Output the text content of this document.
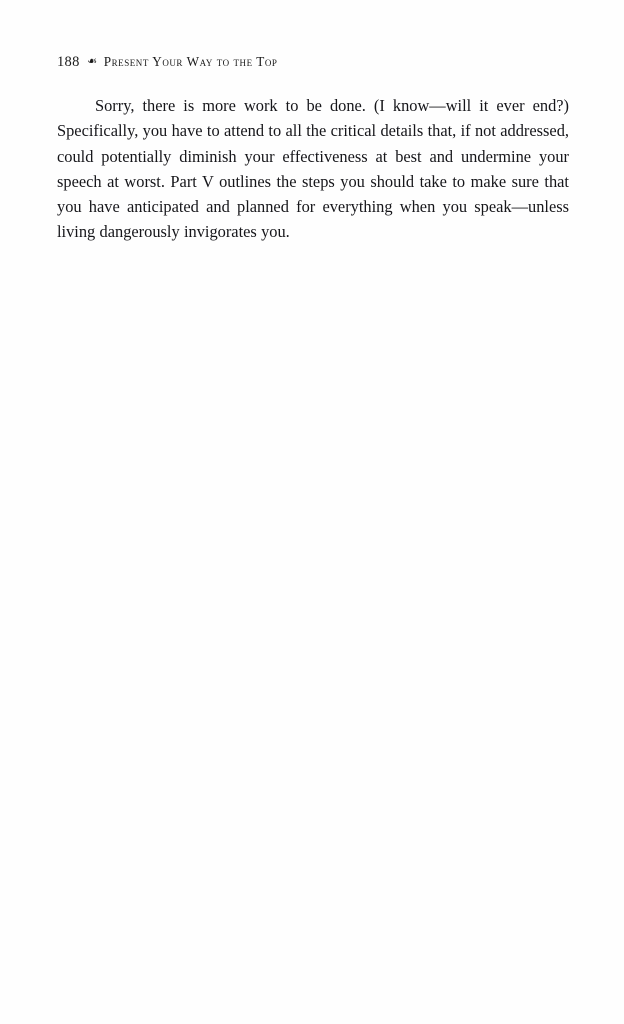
188 ❧ Present Your Way to the Top

Sorry, there is more work to be done. (I know—will it ever end?) Specifically, you have to attend to all the critical details that, if not addressed, could potentially diminish your effectiveness at best and undermine your speech at worst. Part V outlines the steps you should take to make sure that you have anticipated and planned for everything when you speak—unless living dangerously invigorates you.
